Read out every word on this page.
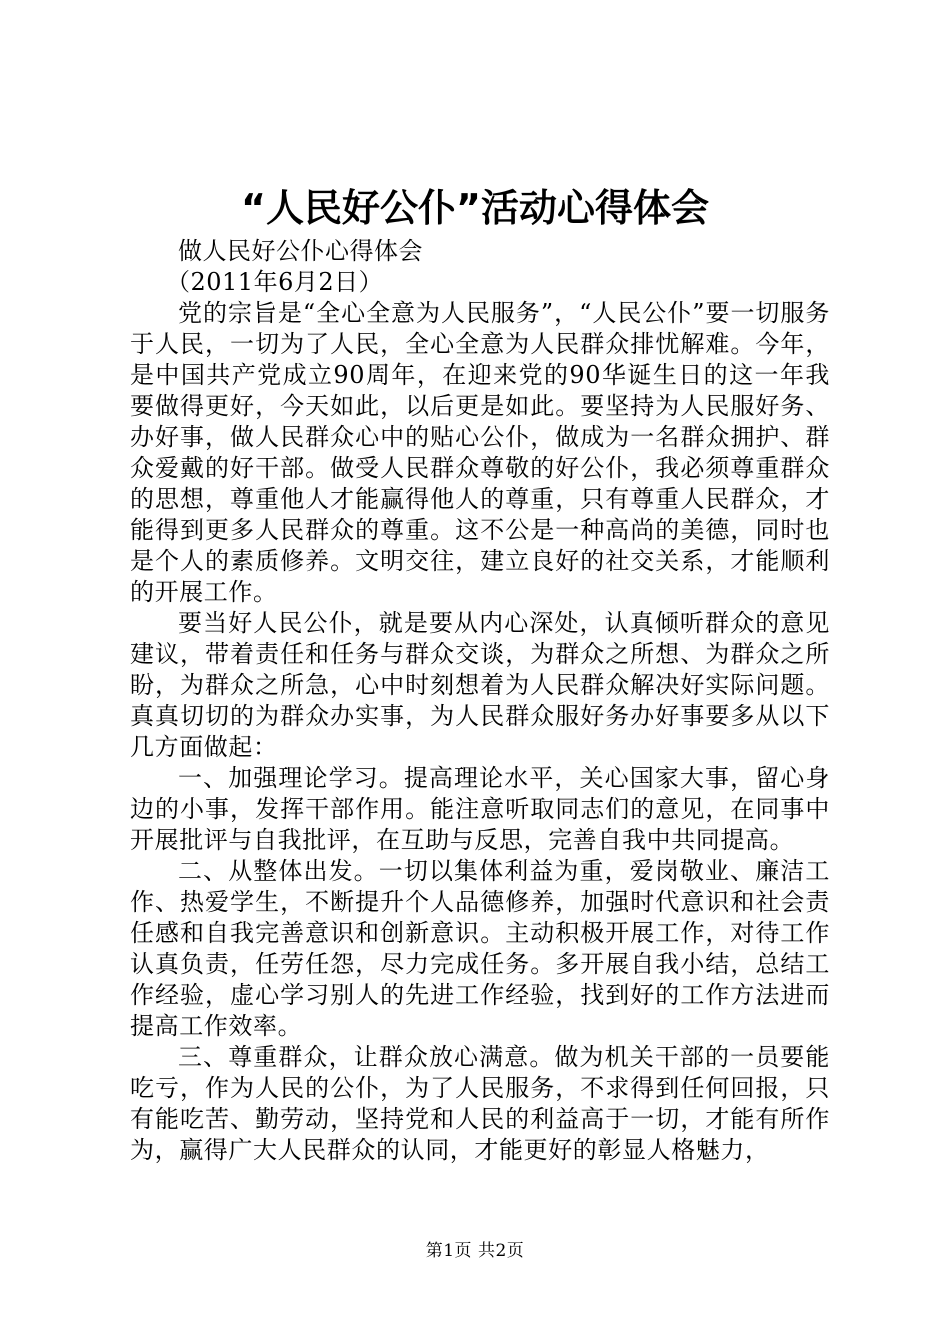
“人民好公仆”活动心得体会

做人民好公仆心得体会

（2011年6月2日）

党的宗旨是“全心全意为人民服务”，“人民公仆”要一切服务于人民，一切为了人民，全心全意为人民群众排忧解难。今年，是中国共产党成立90周年，在迎来党的90华诞生日的这一年我要做得更好，今天如此，以后更是如此。要坚持为人民服好务、办好事，做人民群众心中的贴心公仆，做成为一名群众拥护、群众爱戴的好干部。做受人民群众尊敬的好公仆，我必须尊重群众的思想，尊重他人才能赢得他人的尊重，只有尊重人民群众，才能得到更多人民群众的尊重。这不公是一种高尚的美德，同时也是个人的素质修养。文明交往，建立良好的社交关系，才能顺利的开展工作。

要当好人民公仆，就是要从内心深处，认真倾听群众的意见建议，带着责任和任务与群众交谈，为群众之所想、为群众之所盼，为群众之所急，心中时刻想着为人民群众解决好实际问题。真真切切的为群众办实事，为人民群众服好务办好事要多从以下几方面做起：

一、加强理论学习。提高理论水平，关心国家大事，留心身边的小事，发挥干部作用。能注意听取同志们的意见，在同事中开展批评与自我批评，在互助与反思，完善自我中共同提高。

二、从整体出发。一切以集体利益为重，爱岗敬业、廉洁工作、热爱学生，不断提升个人品德修养，加强时代意识和社会责任感和自我完善意识和创新意识。主动积极开展工作，对待工作认真负责，任劳任怨，尽力完成任务。多开展自我小结，总结工作经验，虚心学习别人的先进工作经验，找到好的工作方法进而提高工作效率。

三、尊重群众，让群众放心满意。做为机关干部的一员要能吃亏，作为人民的公仆，为了人民服务，不求得到任何回报，只有能吃苦、勤劳动，坚持党和人民的利益高于一切，才能有所作为，赢得广大人民群众的认同，才能更好的彰显人格魅力，

第1页 共2页
